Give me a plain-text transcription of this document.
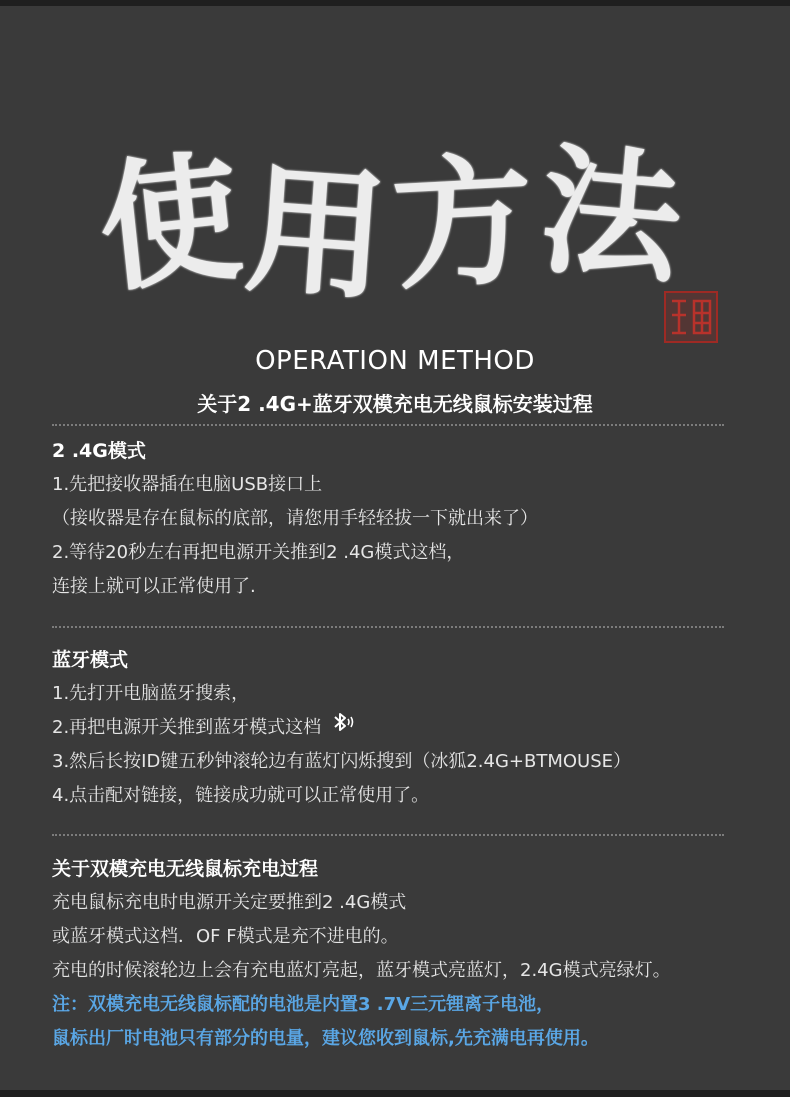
使
用
方
法
OPERATION METHOD
关于2 .4G+蓝牙双模充电无线鼠标安装过程
2 .4G模式
1.先把接收器插在电脑USB接口上
（接收器是存在鼠标的底部，请您用手轻轻拔一下就出来了）
2.等待20秒左右再把电源开关推到2 .4G模式这档，
连接上就可以正常使用了.
蓝牙模式
1.先打开电脑蓝牙搜索，
2.再把电源开关推到蓝牙模式这档
3.然后长按ID键五秒钟滚轮边有蓝灯闪烁搜到（冰狐2.4G+BTMOUSE）
4.点击配对链接，链接成功就可以正常使用了。
关于双模充电无线鼠标充电过程
充电鼠标充电时电源开关定要推到2 .4G模式
或蓝牙模式这档．OF F模式是充不进电的。
充电的时候滚轮边上会有充电蓝灯亮起，蓝牙模式亮蓝灯，2.4G模式亮绿灯。
注：双模充电无线鼠标配的电池是内置3 .7V三元锂离子电池，
鼠标出厂时电池只有部分的电量，建议您收到鼠标,先充满电再使用。
